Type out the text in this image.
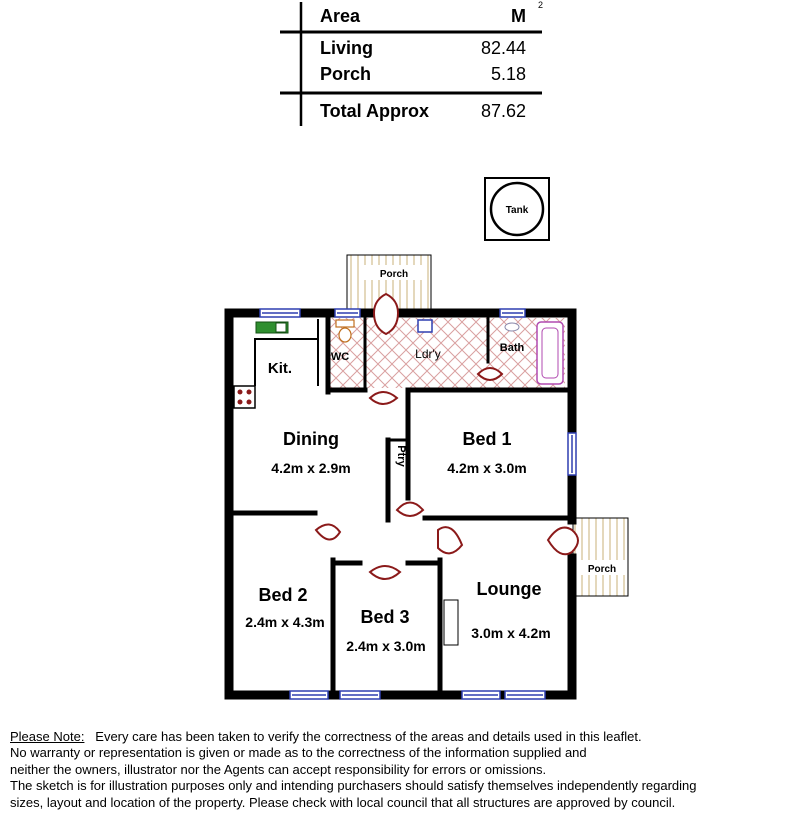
Area	M
2
Living	82.44
Porch	5.18
Total Approx	87.62
Tank
Porch
Porch
Kit.
WC	Ldr'y	Bath
Ptry
Dining
4.2m x 2.9m
Bed 1
4.2m x 3.0m
Bed 2
2.4m x 4.3m Bed 3
2.4m x 3.0m
Lounge
3.0m x 4.2m

Please Note: Every care has been taken to verify the correctness of the areas and details used in this leaflet.

No warranty or representation is given or made as to the correctness of the information supplied and

neither the owners, illustrator nor the Agents can accept responsibility for errors or omissions.

The sketch is for illustration purposes only and intending purchasers should satisfy themselves independently regarding

sizes, layout and location of the property. Please check with local council that all structures are approved by council.
